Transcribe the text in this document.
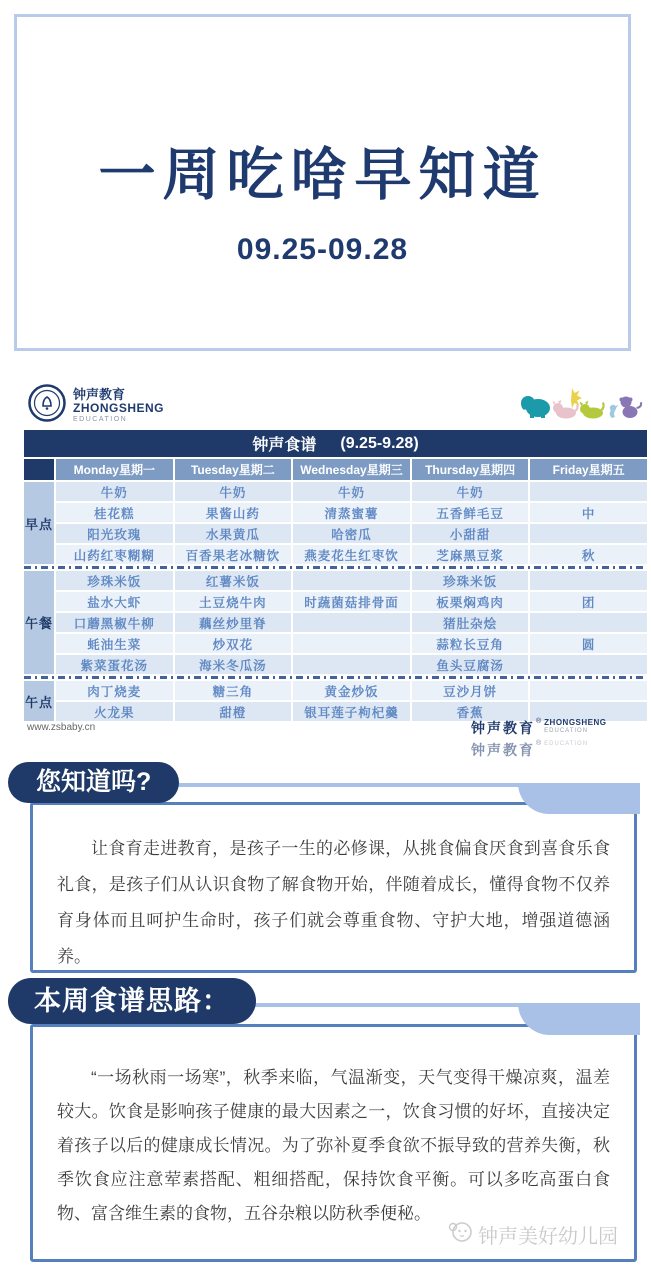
一周吃啥早知道
09.25-09.28
钟声教育
ZHONGSHENG
EDUCATION
钟声食谱 (9.25-9.28)					

	Monday星期一	Tuesday星期二	Wednesday星期三	Thursday星期四	Friday星期五
早点	牛奶	牛奶	牛奶	牛奶	
	桂花糕	果酱山药	清蒸蜜薯	五香鲜毛豆	中
	阳光玫瑰	水果黄瓜	哈密瓜	小甜甜	
	山药红枣糊糊	百香果老冰糖饮	燕麦花生红枣饮	芝麻黑豆浆	秋

午餐	珍珠米饭	红薯米饭		珍珠米饭	
	盐水大虾	土豆烧牛肉	时蔬菌菇排骨面	板栗焖鸡肉	团
	口蘑黑椒牛柳	藕丝炒里脊		猪肚杂烩	
	蚝油生菜	炒双花		蒜粒长豆角	圆
	紫菜蛋花汤	海米冬瓜汤		鱼头豆腐汤	

午点	肉丁烧麦	糖三角	黄金炒饭	豆沙月饼	
	火龙果	甜橙	银耳莲子枸杞羹	香蕉	
www.zsbaby.cn	钟声教育 ® ZHONGSHENG
EDUCATION
钟声教育 ® EDUCATION

让食育走进教育，是孩子一生的必修课，从挑食偏食厌食到喜食乐食礼食，是孩子们从认识食物了解食物开始，伴随着成长，懂得食物不仅养育身体而且呵护生命时，孩子们就会尊重食物、守护大地，增强道德涵养。

您知道吗?

“一场秋雨一场寒”，秋季来临，气温渐变，天气变得干燥凉爽，温差较大。饮食是影响孩子健康的最大因素之一，饮食习惯的好坏，直接决定着孩子以后的健康成长情况。为了弥补夏季食欲不振导致的营养失衡，秋季饮食应注意荤素搭配、粗细搭配，保持饮食平衡。可以多吃高蛋白食物、富含维生素的食物，五谷杂粮以防秋季便秘。

钟声美好幼儿园
本周食谱思路：
